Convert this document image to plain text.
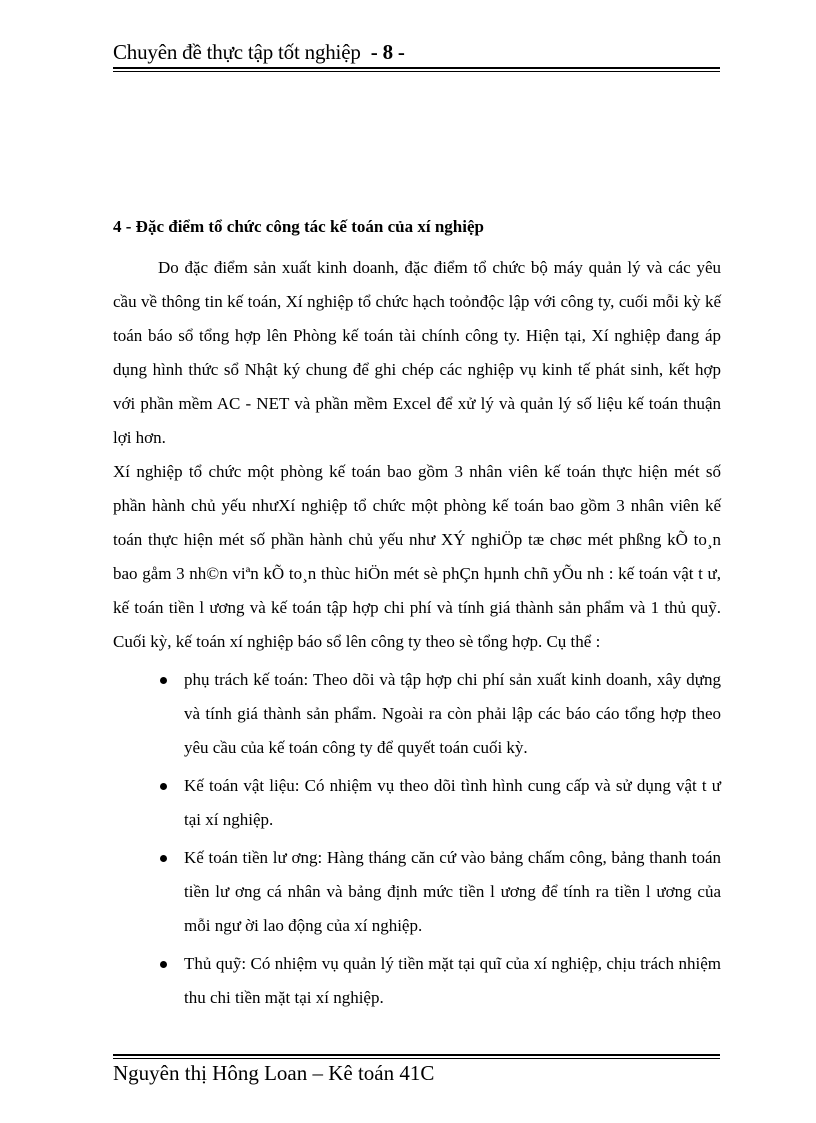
Chuyên đề thực tập tốt nghiệp - 8 -

4 - Đặc điểm tổ chức công tác kế toán của xí nghiệp

Do đặc điểm sản xuất kinh doanh, đặc điểm tổ chức bộ máy quản lý và các yêu cầu về thông tin kế toán, Xí nghiệp tổ chức hạch toỏnđộc lập với công ty, cuối mỗi kỳ kế toán báo sổ tổng hợp lên Phòng kế toán tài chính công ty. Hiện tại, Xí nghiệp đang áp dụng hình thức sổ Nhật ký chung để ghi chép các nghiệp vụ kinh tế phát sinh, kết hợp với phần mềm AC - NET và phần mềm Excel để xử lý và quản lý số liệu kế toán thuận lợi hơn.

Xí nghiệp tổ chức một phòng kế toán bao gồm 3 nhân viên kế toán thực hiện mét số phần hành chủ yếu nhưXí nghiệp tổ chức một phòng kế toán bao gồm 3 nhân viên kế toán thực hiện mét số phần hành chủ yếu như XÝ nghiÖp tæ chøc mét phßng kÕ to¸n bao gåm 3 nh©n viªn kÕ to¸n thùc hiÖn mét sè phÇn hµnh chñ yÕu nh : kế toán vật t ư, kế toán tiền l ương và kế toán tập hợp chi phí và tính giá thành sản phẩm và 1 thủ quỹ. Cuối kỳ, kế toán xí nghiệp báo sổ lên công ty theo sè tổng hợp. Cụ thể :

phụ trách kế toán: Theo dõi và tập hợp chi phí sản xuất kinh doanh, xây dựng và tính giá thành sản phẩm. Ngoài ra còn phải lập các báo cáo tổng hợp theo yêu cầu của kế toán công ty để quyết toán cuối kỳ.
Kế toán vật liệu: Có nhiệm vụ theo dõi tình hình cung cấp và sử dụng vật t ư tại xí nghiệp.
Kế toán tiền lư ơng: Hàng tháng căn cứ vào bảng chấm công, bảng thanh toán tiền lư ơng cá nhân và bảng định mức tiền l ương để tính ra tiền l ương của mỗi ngư ời lao động của xí nghiệp.
Thủ quỹ: Có nhiệm vụ quản lý tiền mặt tại quĩ của xí nghiệp, chịu trách nhiệm thu chi tiền mặt tại xí nghiệp.
Nguyên thị Hông Loan – Kê toán 41C
